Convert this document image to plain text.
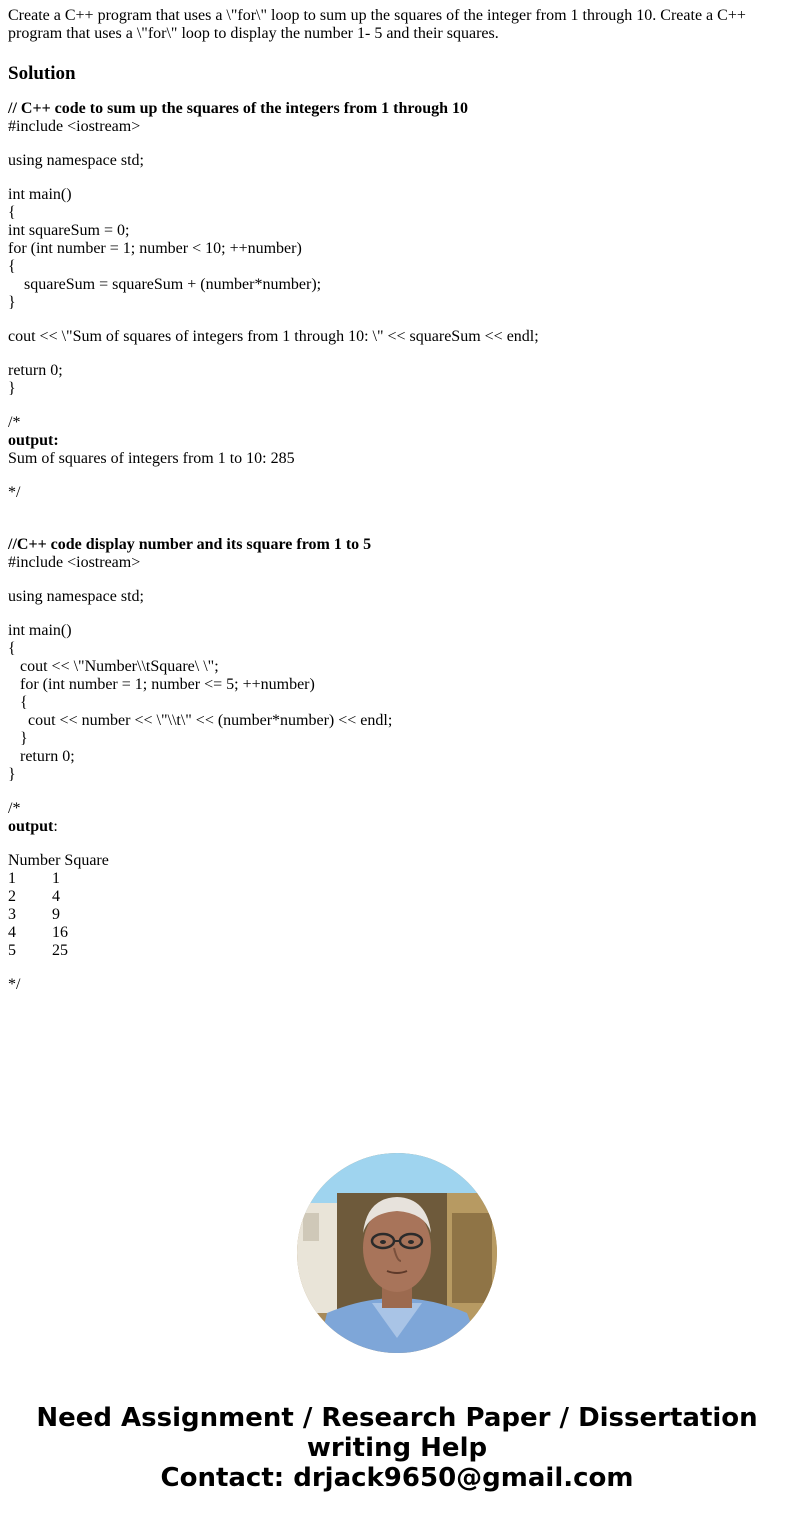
Create a C++ program that uses a \"for\" loop to sum up the squares of the integer from 1 through 10. Create a C++ program that uses a \"for\" loop to display the number 1- 5 and their squares.

Solution
// C++ code to sum up the squares of the integers from 1 through 10
#include <iostream>
using namespace std;
int main()
{
int squareSum = 0;
for (int number = 1; number < 10; ++number)
{
squareSum = squareSum + (number*number);
}
cout << \"Sum of squares of integers from 1 through 10: \" << squareSum << endl;
return 0;
}
/*
output:
Sum of squares of integers from 1 to 10: 285
*/
//C++ code display number and its square from 1 to 5
#include <iostream>
using namespace std;
int main()
{
cout << \"Number\\tSquare\ \";
for (int number = 1; number <= 5; ++number)
{
cout << number << \"\\t\" << (number*number) << endl;
}
return 0;
}
/*
output:
Number Square
1	1
2	4
3	9
4	16
5	25
*/
Need Assignment / Research Paper / Dissertation
writing Help
Contact: drjack9650@gmail.com
